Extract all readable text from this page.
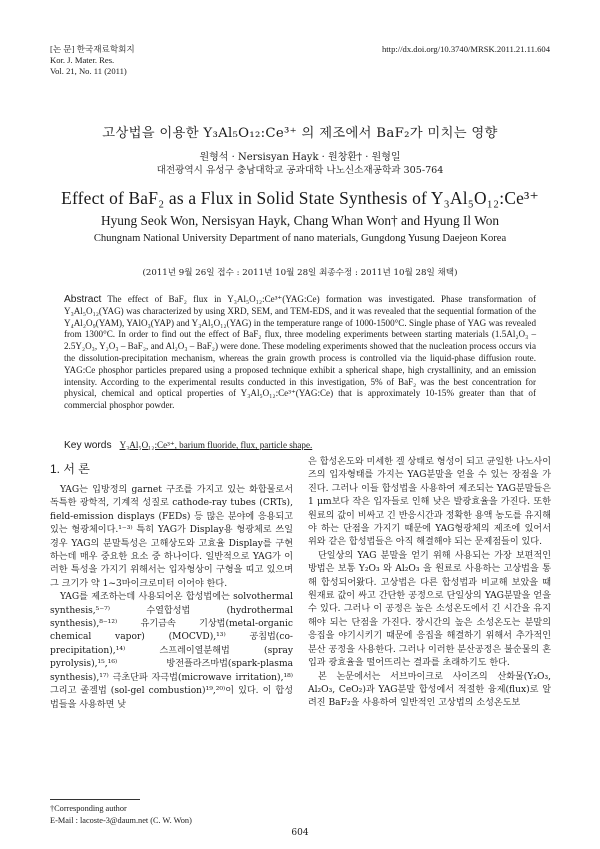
[논 문] 한국재료학회지
Kor. J. Mater. Res.
Vol. 21, No. 11 (2011)
http://dx.doi.org/10.3740/MRSK.2011.21.11.604
고상법을 이용한 Y₃Al₅O₁₂:Ce³⁺ 의 제조에서 BaF₂가 미치는 영향
원형석 · Nersisyan Hayk · 원창환† · 원형일
대전광역시 유성구 충남대학교 공과대학 나노신소재공학과 305-764
Effect of BaF₂ as a Flux in Solid State Synthesis of Y₃Al₅O₁₂:Ce³⁺
Hyung Seok Won, Nersisyan Hayk, Chang Whan Won† and Hyung Il Won
Chungnam National University Department of nano materials, Gungdong Yusung Daejeon Korea
(2011년 9월 26일 접수 : 2011년 10월 28일 최종수정 : 2011년 10월 28일 채택)
Abstract The effect of BaF₂ flux in Y₃Al₅O₁₂:Ce³⁺(YAG:Ce) formation was investigated. Phase transformation of Y₃Al₅O₁₂(YAG) was characterized by using XRD, SEM, and TEM-EDS, and it was revealed that the sequential formation of the Y₄Al₂O₉(YAM), YAlO₃(YAP) and Y₃Al₅O₁₂(YAG) in the temperature range of 1000-1500°C. Single phase of YAG was revealed from 1300°C. In order to find out the effect of BaF₂ flux, three modeling experiments between starting materials (1.5Al₂O₃ – 2.5Y₂O₃, Y₂O₃ – BaF₂, and Al₂O₃ – BaF₂) were done. These modeling experiments showed that the nucleation process occurs via the dissolution-precipitation mechanism, whereas the grain growth process is controlled via the liquid-phase diffusion route. YAG:Ce phosphor particles prepared using a proposed technique exhibit a spherical shape, high crystallinity, and an emission intensity. According to the experimental results conducted in this investigation, 5% of BaF₂ was the best concentration for physical, chemical and optical properties of Y₃Al₅O₁₂:Ce³⁺(YAG:Ce) that is approximately 10-15% greater than that of commercial phosphor powder.
Key words Y₃Al₅O₁₂:Ce³⁺, barium fluoride, flux, particle shape.
1. 서 론

YAG는 입방정의 garnet 구조를 가지고 있는 화합물로서 독특한 광학적, 기계적 성질로 cathode-ray tubes (CRTs), field-emission displays (FEDs) 등 많은 분야에 응용되고 있는 형광체이다.¹⁻³⁾ 특히 YAG가 Display용 형광체로 쓰일 경우 YAG의 분말특성은 고해상도와 고효율 Display를 구현하는데 매우 중요한 요소 중 하나이다. 일반적으로 YAG가 이러한 특성을 가지기 위해서는 입자형상이 구형을 띠고 있으며 그 크기가 약 1~3마이크로미터 이어야 한다.

YAG를 제조하는데 사용되어온 합성법에는 solvothermal synthesis,⁵⁻⁷⁾ 수열합성법 (hydrothermal synthesis),⁸⁻¹²⁾ 유기금속 기상법(metal-organic chemical vapor) (MOCVD),¹³⁾ 공침법(co-precipitation),¹⁴⁾ 스프레이열분해법 (spray pyrolysis),¹⁵,¹⁶⁾ 방전플라즈마법(spark-plasma synthesis),¹⁷⁾ 극초단파 자극법(microwave irritation),¹⁸⁾ 그리고 졸겔법 (sol-gel combustion)¹⁹,²⁰⁾이 있다. 이 합성법들을 사용하면 낮

은 합성온도와 미세한 겔 상태로 형성이 되고 균일한 나노사이즈의 입자형태를 가지는 YAG분말을 얻을 수 있는 장점을 가진다. 그러나 이들 합성법을 사용하여 제조되는 YAG분말들은 1 μm보다 작은 입자들로 인해 낮은 발광효율을 가진다. 또한 원료의 값이 비싸고 긴 반응시간과 정확한 용액 농도를 유지해야 하는 단점을 가지기 때문에 YAG형광체의 제조에 있어서 위와 같은 합성법들은 아직 해결해야 되는 문제점들이 있다.

단일상의 YAG 분말을 얻기 위해 사용되는 가장 보편적인 방법은 보통 Y₂O₃ 와 Al₂O₃ 을 원료로 사용하는 고상법을 통해 합성되어왔다. 고상법은 다른 합성법과 비교해 보았을 때 원재료 값이 싸고 간단한 공정으로 단일상의 YAG분말을 얻을 수 있다. 그러나 이 공정은 높은 소성온도에서 긴 시간을 유지해야 되는 단점을 가진다. 장시간의 높은 소성온도는 분말의 응집을 야기시키기 때문에 응집을 해결하기 위해서 추가적인 분산 공정을 사용한다. 그러나 이러한 분산공정은 불순물의 혼입과 광효율을 떨어뜨리는 결과를 초래하기도 한다.

본 논문에서는 서브마이크로 사이즈의 산화물(Y₂O₃, Al₂O₃, CeO₂)과 YAG분말 합성에서 적절한 융제(flux)로 알려진 BaF₂을 사용하여 일반적인 고상법의 소성온도보

†Corresponding author
E-Mail : lacoste-3@daum.net (C. W. Won)
604
